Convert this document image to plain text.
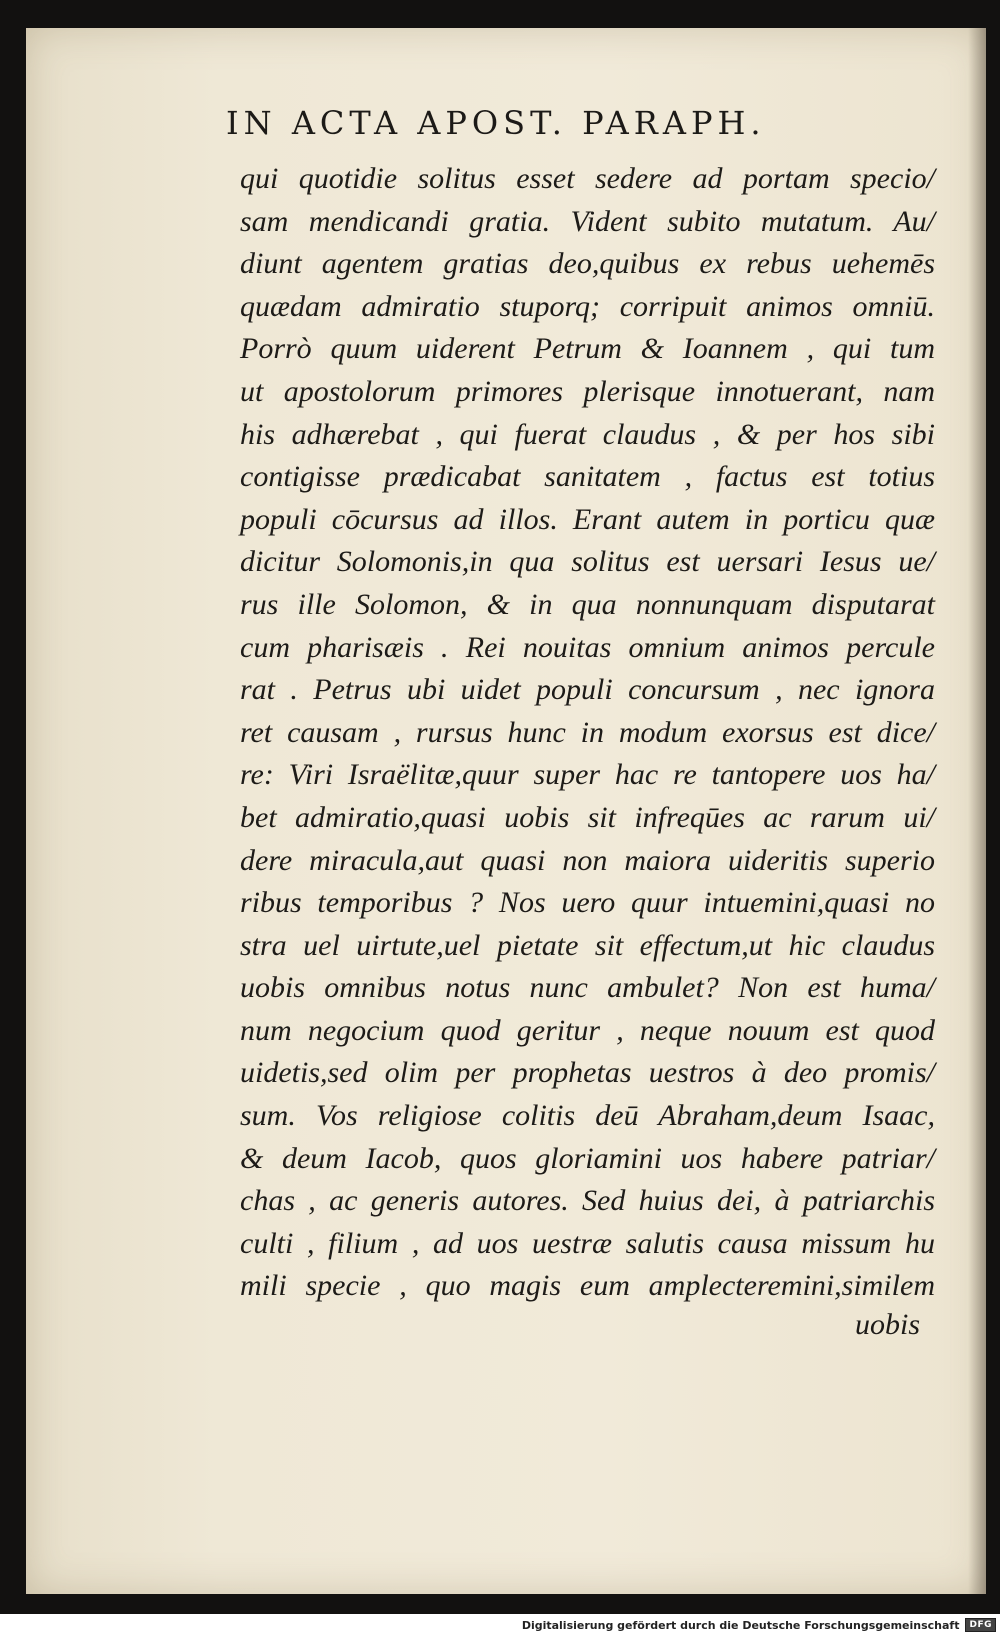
IN ACTA APOST. PARAPH.
qui quotidie solitus esset sedere ad portam specio/
sam mendicandi gratia. Vident subito mutatum. Au/
diunt agentem gratias deo,quibus ex rebus uehemēs
quædam admiratio stuporq; corripuit animos omniū.
Porrò quum uiderent Petrum & Ioannem , qui tum
ut apostolorum primores plerisque innotuerant, nam
his adhærebat , qui fuerat claudus , & per hos sibi
contigisse prædicabat sanitatem , factus est totius
populi cōcursus ad illos. Erant autem in porticu quæ
dicitur Solomonis,in qua solitus est uersari Iesus ue/
rus ille Solomon, & in qua nonnunquam disputarat
cum pharisæis . Rei nouitas omnium animos percule
rat . Petrus ubi uidet populi concursum , nec ignora
ret causam , rursus hunc in modum exorsus est dice/
re: Viri Israëlitæ,quur super hac re tantopere uos ha/
bet admiratio,quasi uobis sit infreqūes ac rarum ui/
dere miracula,aut quasi non maiora uideritis superio
ribus temporibus ? Nos uero quur intuemini,quasi no
stra uel uirtute,uel pietate sit effectum,ut hic claudus
uobis omnibus notus nunc ambulet? Non est huma/
num negocium quod geritur , neque nouum est quod
uidetis,sed olim per prophetas uestros à deo promis/
sum. Vos religiose colitis deū Abraham,deum Isaac,
& deum Iacob, quos gloriamini uos habere patriar/
chas , ac generis autores. Sed huius dei, à patriarchis
culti , filium , ad uos uestræ salutis causa missum hu
mili specie , quo magis eum amplecteremini,similem
uobis
Digitalisierung gefördert durch die Deutsche Forschungsgemeinschaft	DFG
